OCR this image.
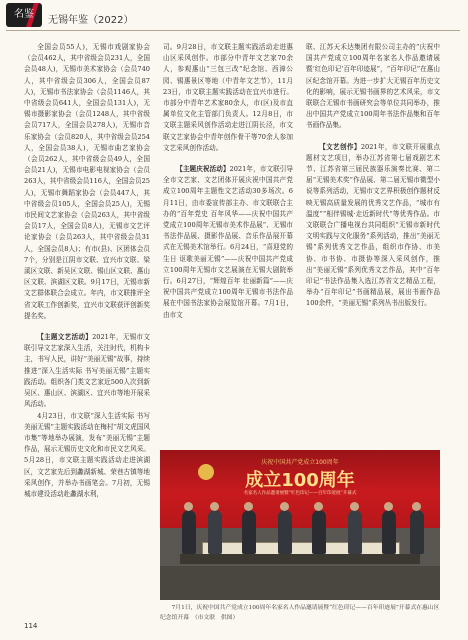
名鉴
无锡年鉴（2022）

全国会员55人)，无锡市戏剧家协会（会员462人，其中省级会员231人，全国会员48人)，无锡市美术家协会（会员740人，其中省级会员306人，全国会员87人)，无锡市书法家协会（会员1146人，其中省级会员641人，全国会员131人)，无锡市摄影家协会（会员1248人，其中省级会员717人，全国会员278人)，无锡市音乐家协会（会员820人，其中省级会员254人，全国会员38人)，无锡市曲艺家协会（会员262人，其中省级会员49人，全国会员21人)，无锡市电影电视家协会（会员263人，其中省级会员116人，全国会员25人)，无锡市舞蹈家协会（会员447人，其中省级会员105人，全国会员25人)，无锡市民间文艺家协会（会员263人，其中省级会员17人，全国会员8人)，无锡市文艺评论家协会（会员263人，其中省级会员31人，全国会员8人)；有市(县)、区团体会员7个，分别是江阴市文联、宜兴市文联、梁溪区文联、新吴区文联、锡山区文联、惠山区文联、滨湖区文联。9月17日，无锡市新文艺群体联合会成立。年内，市文联推评全省文联工作创新奖，宜兴市文联获评创新奖提名奖。

【主题文艺活动】2021年，无锡市文联引导文艺家深入生活，关注时代，机构卡主，书写人民，讲好“美丽无锡”故事，持续推进“深入生活实际 书写美丽无锡”主题实践活动。组织各门类文艺家近500人次到新吴区、惠山区、滨湖区、宜兴市等地开展采风活动。

4月23日，市文联“深入生活实际 书写美丽无锡”主题实践活动在梅村“胡文虎国风市集”等地举办展演，发布“美丽无锡”主题作品，展示无锡历史文化和市民文艺风采。5月28日，市文联主题实践活动走进滨湖区，文艺家先后到蠡湖新城、荣巷古镇等地采风创作，并举办书画笔会。7月初，无锡城市建设活动赴蠡湖水利，

司。9月28日，市文联主题实践活动走进惠山区采风创作。市部分中青年文艺家70余人，参观惠山“三包三改”纪念馆、西漳公园、锡惠景区等地（中青年文艺节），11月23日，市文联主题实践活动在宜兴市进行。市部分中青年艺术家80余人，市(区)及市直属单位文化主管部门负责人。12月8日，市文联主题采风创作活动走进江阴长泾，市文联文艺家协会中青年创作骨干等70余人参加文艺采风创作活动。

【主题庆祝活动】2021年，市文联引导全市文艺家、文艺团体开展庆祝中国共产党成立100周年主题性文艺活动30多场次。6月11日，由市委宣传部主办、市文联联合主办的“百年党史 百年风华——庆祝中国共产党成立100周年无锡市美术作品展”、无锡市书法作品展、摄影作品展、音乐作品展开幕式在无锡美术馆举行。6月24日，“喜迎党的生日 讴歌美丽无锡”——庆祝中国共产党成立100周年无锡市文艺展演在无锡大剧院举行。6月27日，“辉煌百年 壮丽新篇”——庆祝中国共产党成立100周年无锡市书法作品展在中国书法家协会展览馆开幕。7月1日，由市文

联、江苏天禾达集团有限公司主办的“庆祝中国共产党成立100周年名家名人作品邀请展暨‘红色印记’百年印迹展”，“百年印记”在惠山区纪念馆开幕。为进一步扩大无锡百年历史文化的影响，展示无锡书画界的艺术风采，市文联联合无锡市书画研究会等单位共同举办，推出中国共产党成立100周年书法作品集和百年书画作品集。

【文艺创作】2021年，市文联开展重点题材文艺项目，举办江苏省第七届戏剧艺术节、江苏省第三届民族器乐演奏比赛、第二届“无锡美术奖”作品展、第二届无锡市微型小说等系列活动，无锡市文艺界积极创作题材反映无锡高质量发展的优秀文艺作品，“城市有温度”“相伴锡城·走近新时代”等优秀作品。市文联联合广播电视台共同组织“无锡市新时代文明实践与文化服务”系列活动，推出“美丽无锡”系列优秀文艺作品，组织市作协、市美协、市书协、市摄协等深入采风创作，推出“美丽无锡”系列优秀文艺作品，其中“百年印记”书法作品集入选江苏省文艺精品工程，举办“百年印记”书画精品展，展出书画作品100余件，“美丽无锡”系列丛书出版发行。

庆祝中国共产党成立100周年
成立100周年
名家名人作品邀请展暨“红色印记——百年印迹展”开幕式

7月1日，庆祝中国共产党成立100周年名家名人作品邀请展暨“红色印记——百年印迹展”开幕式在惠山区纪念馆开幕　（市文联　供图）

114
